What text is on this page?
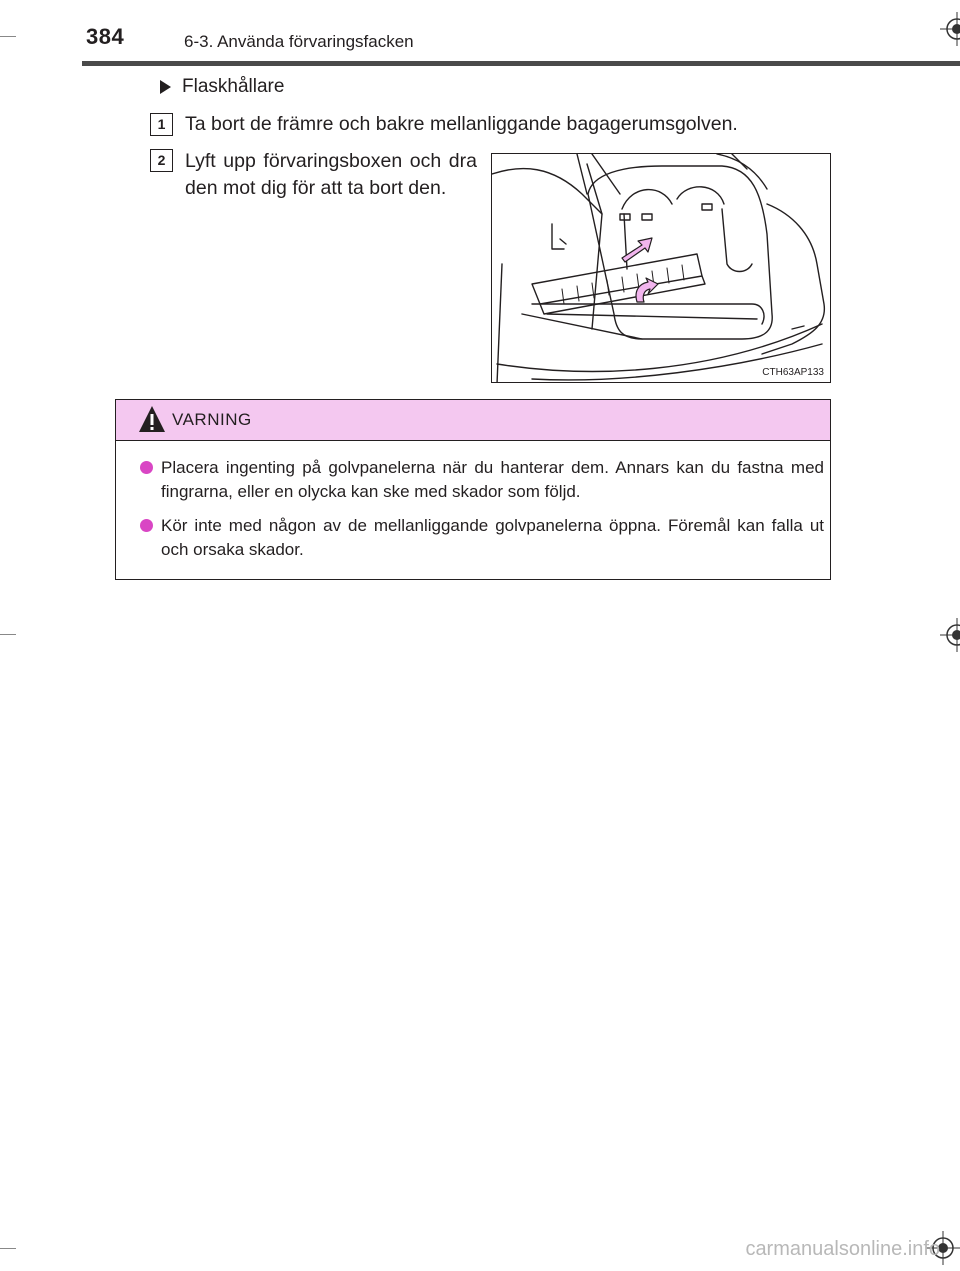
384	6-3. Använda förvaringsfacken
Flaskhållare
1	Ta bort de främre och bakre mellanliggande bagagerumsgolven.
2	Lyft upp förvaringsboxen och dra den mot dig för att ta bort den.
CTH63AP133
VARNING
Placera ingenting på golvpanelerna när du hanterar dem. Annars kan du fastna med fingrarna, eller en olycka kan ske med skador som följd.
Kör inte med någon av de mellanliggande golvpanelerna öppna. Föremål kan falla ut och orsaka skador.
carmanualsonline.info
